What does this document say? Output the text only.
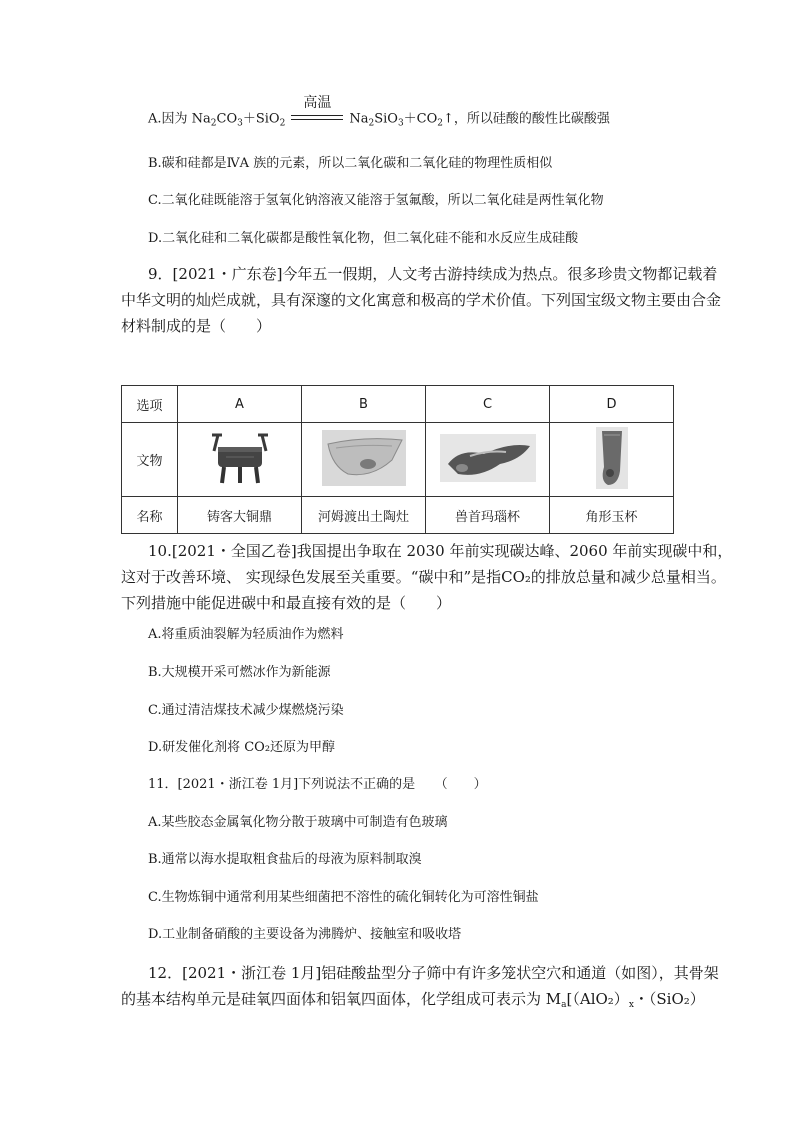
A.因为 $Na_2CO_3+SiO_2$
高温
$Na_2SiO_3+CO_2↑$，所以硅酸的酸性比碳酸强
B.碳和硅都是ⅣA 族的元素，所以二氧化碳和二氧化硅的物理性质相似
C.二氧化硅既能溶于氢氧化钠溶液又能溶于氢氟酸，所以二氧化硅是两性氧化物
D.二氧化硅和二氧化碳都是酸性氧化物，但二氧化硅不能和水反应生成硅酸
9．[2021・广东卷]今年五一假期，人文考古游持续成为热点。很多珍贵文物都记载着
中华文明的灿烂成就，具有深邃的文化寓意和极高的学术价值。下列国宝级文物主要由合金
材料制成的是（　　）
选项	A	B	C	D
文物				
名称	铸客大铜鼎	河姆渡出土陶灶	兽首玛瑙杯	角形玉杯
10.[2021・全国乙卷]我国提出争取在 2030 年前实现碳达峰、2060 年前实现碳中和，
这对于改善环境、 实现绿色发展至关重要。“碳中和”是指CO₂的排放总量和减少总量相当。
下列措施中能促进碳中和最直接有效的是（　　）
A.将重质油裂解为轻质油作为燃料
B.大规模开采可燃冰作为新能源
C.通过清洁煤技术减少煤燃烧污染
D.研发催化剂将 CO₂还原为甲醇
11．[2021・浙江卷 1月]下列说法不正确的是　　（　　）
A.某些胶态金属氧化物分散于玻璃中可制造有色玻璃
B.通常以海水提取粗食盐后的母液为原料制取溴
C.生物炼铜中通常利用某些细菌把不溶性的硫化铜转化为可溶性铜盐
D.工业制备硝酸的主要设备为沸腾炉、接触室和吸收塔
12．[2021・浙江卷 1月]铝硅酸盐型分子筛中有许多笼状空穴和通道（如图），其骨架
的基本结构单元是硅氧四面体和铝氧四面体，化学组成可表示为 $M_a[(AlO_2)_x$・（SiO₂）
